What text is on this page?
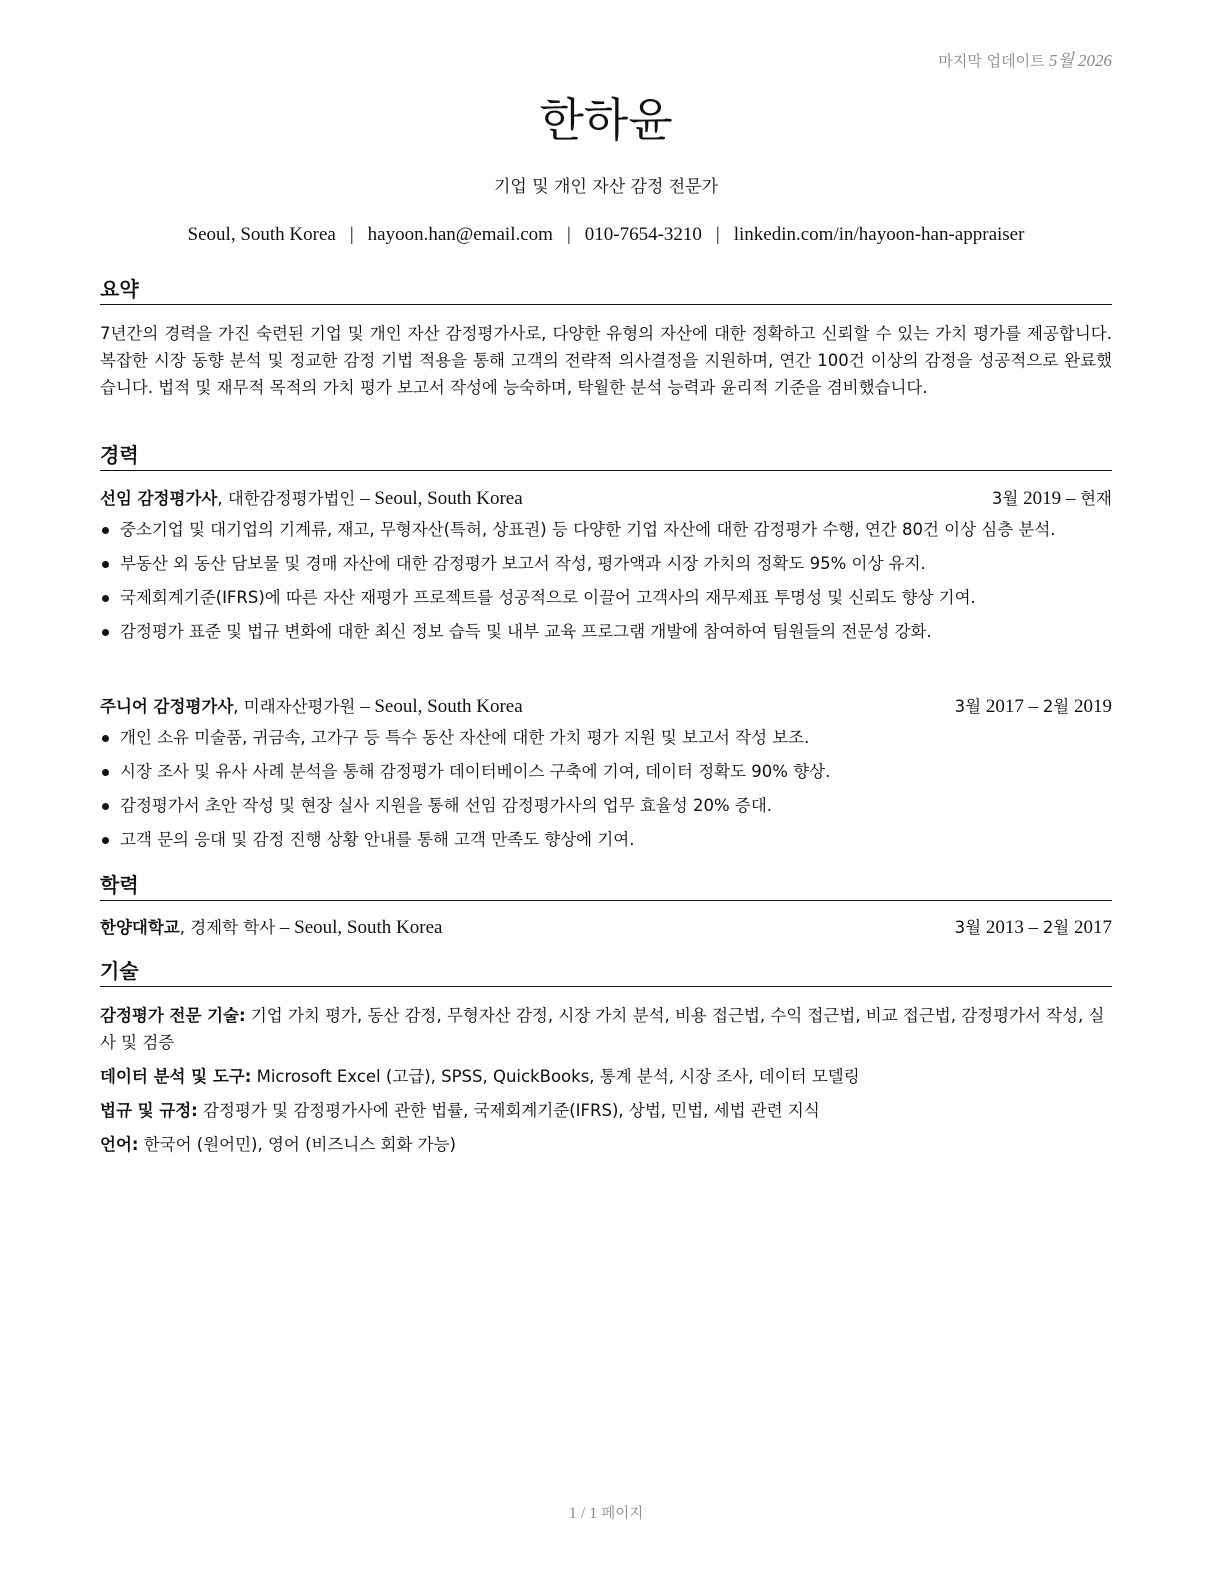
마지막 업데이트 5월 2026
한하윤
기업 및 개인 자산 감정 전문가
Seoul, South Korea | hayoon.han@email.com | 010-7654-3210 | linkedin.com/in/hayoon-han-appraiser
요약

7년간의 경력을 가진 숙련된 기업 및 개인 자산 감정평가사로, 다양한 유형의 자산에 대한 정확하고 신뢰할 수 있는 가치 평가를 제공합니다. 복잡한 시장 동향 분석 및 정교한 감정 기법 적용을 통해 고객의 전략적 의사결정을 지원하며, 연간 100건 이상의 감정을 성공적으로 완료했습니다. 법적 및 재무적 목적의 가치 평가 보고서 작성에 능숙하며, 탁월한 분석 능력과 윤리적 기준을 겸비했습니다.

경력
선임 감정평가사, 대한감정평가법인 – Seoul, South Korea	3월 2019 – 현재
중소기업 및 대기업의 기계류, 재고, 무형자산(특허, 상표권) 등 다양한 기업 자산에 대한 감정평가 수행, 연간 80건 이상 심층 분석.
부동산 외 동산 담보물 및 경매 자산에 대한 감정평가 보고서 작성, 평가액과 시장 가치의 정확도 95% 이상 유지.
국제회계기준(IFRS)에 따른 자산 재평가 프로젝트를 성공적으로 이끌어 고객사의 재무제표 투명성 및 신뢰도 향상 기여.
감정평가 표준 및 법규 변화에 대한 최신 정보 습득 및 내부 교육 프로그램 개발에 참여하여 팀원들의 전문성 강화.
주니어 감정평가사, 미래자산평가원 – Seoul, South Korea	3월 2017 – 2월 2019
개인 소유 미술품, 귀금속, 고가구 등 특수 동산 자산에 대한 가치 평가 지원 및 보고서 작성 보조.
시장 조사 및 유사 사례 분석을 통해 감정평가 데이터베이스 구축에 기여, 데이터 정확도 90% 향상.
감정평가서 초안 작성 및 현장 실사 지원을 통해 선임 감정평가사의 업무 효율성 20% 증대.
고객 문의 응대 및 감정 진행 상황 안내를 통해 고객 만족도 향상에 기여.
학력
한양대학교, 경제학 학사 – Seoul, South Korea	3월 2013 – 2월 2017
기술
감정평가 전문 기술: 기업 가치 평가, 동산 감정, 무형자산 감정, 시장 가치 분석, 비용 접근법, 수익 접근법, 비교 접근법, 감정평가서 작성, 실사 및 검증
데이터 분석 및 도구: Microsoft Excel (고급), SPSS, QuickBooks, 통계 분석, 시장 조사, 데이터 모델링
법규 및 규정: 감정평가 및 감정평가사에 관한 법률, 국제회계기준(IFRS), 상법, 민법, 세법 관련 지식
언어: 한국어 (원어민), 영어 (비즈니스 회화 가능)
1 / 1 페이지
